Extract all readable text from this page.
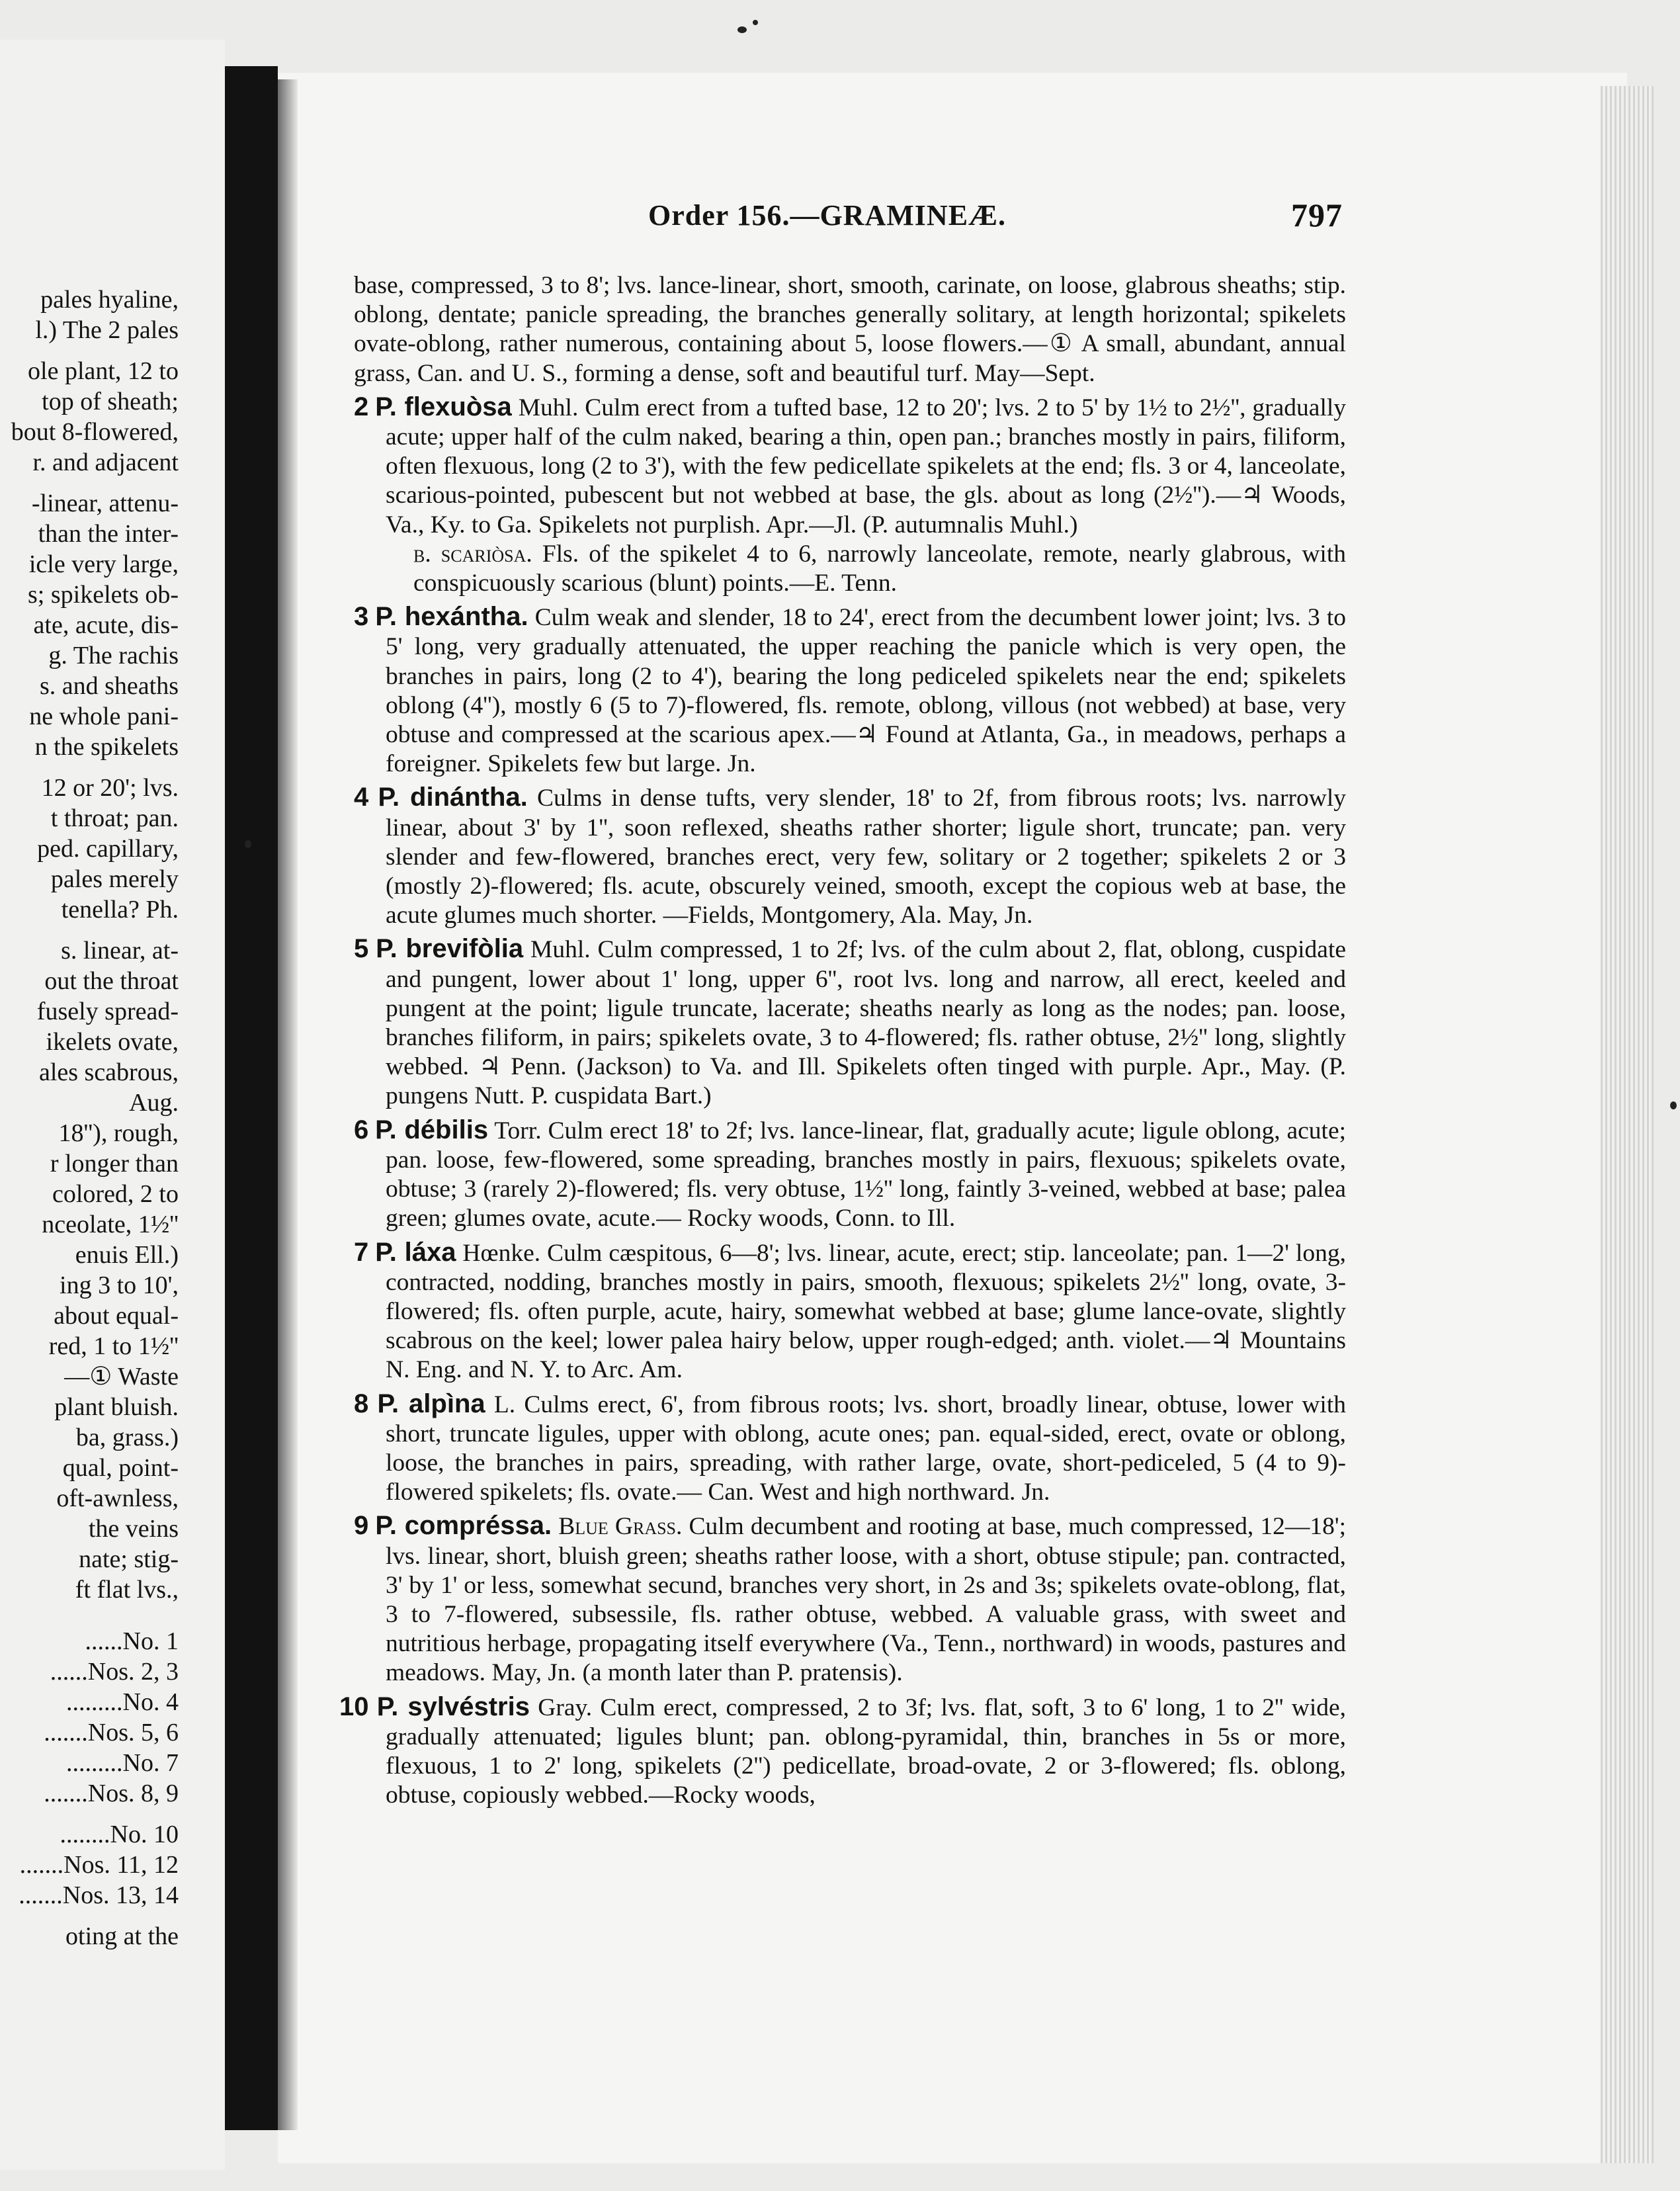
pales hyaline,
l.) The 2 pales
ole plant, 12 to
top of sheath;
bout 8-flowered,
r. and adjacent
-linear, attenu-
than the inter-
icle very large,
s; spikelets ob-
ate, acute, dis-
g. The rachis
s. and sheaths
ne whole pani-
n the spikelets
12 or 20'; lvs.
t throat; pan.
ped. capillary,
pales merely
tenella? Ph.
s. linear, at-
out the throat
fusely spread-
ikelets ovate,
ales scabrous,
Aug.
18''), rough,
r longer than
colored, 2 to
nceolate, 1½''
enuis Ell.)
ing 3 to 10',
about equal-
red, 1 to 1½''
—① Waste
plant bluish.
ba, grass.)
qual, point-
oft-awnless,
the veins
nate; stig-
ft flat lvs.,
......No. 1
......Nos. 2, 3
.........No. 4
.......Nos. 5, 6
.........No. 7
.......Nos. 8, 9
........No. 10
.......Nos. 11, 12
.......Nos. 13, 14
oting at the
Order 156.—GRAMINEÆ.	797

base, compressed, 3 to 8'; lvs. lance-linear, short, smooth, carinate, on loose, glabrous sheaths; stip. oblong, dentate; panicle spreading, the branches generally solitary, at length horizontal; spikelets ovate-oblong, rather numerous, containing about 5, loose flowers.—① A small, abundant, annual grass, Can. and U. S., forming a dense, soft and beautiful turf. May—Sept.

2 P. flexuòsa Muhl. Culm erect from a tufted base, 12 to 20'; lvs. 2 to 5' by 1½ to 2½'', gradually acute; upper half of the culm naked, bearing a thin, open pan.; branches mostly in pairs, filiform, often flexuous, long (2 to 3'), with the few pedicellate spikelets at the end; fls. 3 or 4, lanceolate, scarious-pointed, pubescent but not webbed at base, the gls. about as long (2½'').—♃ Woods, Va., Ky. to Ga. Spikelets not purplish. Apr.—Jl. (P. autumnalis Muhl.)

β. scariòsa. Fls. of the spikelet 4 to 6, narrowly lanceolate, remote, nearly glabrous, with conspicuously scarious (blunt) points.—E. Tenn.

3 P. hexántha. Culm weak and slender, 18 to 24', erect from the decumbent lower joint; lvs. 3 to 5' long, very gradually attenuated, the upper reaching the panicle which is very open, the branches in pairs, long (2 to 4'), bearing the long pediceled spikelets near the end; spikelets oblong (4''), mostly 6 (5 to 7)-flowered, fls. remote, oblong, villous (not webbed) at base, very obtuse and compressed at the scarious apex.—♃ Found at Atlanta, Ga., in meadows, perhaps a foreigner. Spikelets few but large. Jn.

4 P. dinántha. Culms in dense tufts, very slender, 18' to 2f, from fibrous roots; lvs. narrowly linear, about 3' by 1'', soon reflexed, sheaths rather shorter; ligule short, truncate; pan. very slender and few-flowered, branches erect, very few, solitary or 2 together; spikelets 2 or 3 (mostly 2)-flowered; fls. acute, obscurely veined, smooth, except the copious web at base, the acute glumes much shorter. —Fields, Montgomery, Ala. May, Jn.

5 P. brevifòlia Muhl. Culm compressed, 1 to 2f; lvs. of the culm about 2, flat, oblong, cuspidate and pungent, lower about 1' long, upper 6'', root lvs. long and narrow, all erect, keeled and pungent at the point; ligule truncate, lacerate; sheaths nearly as long as the nodes; pan. loose, branches filiform, in pairs; spikelets ovate, 3 to 4-flowered; fls. rather obtuse, 2½'' long, slightly webbed. ♃ Penn. (Jackson) to Va. and Ill. Spikelets often tinged with purple. Apr., May. (P. pungens Nutt. P. cuspidata Bart.)

6 P. débilis Torr. Culm erect 18' to 2f; lvs. lance-linear, flat, gradually acute; ligule oblong, acute; pan. loose, few-flowered, some spreading, branches mostly in pairs, flexuous; spikelets ovate, obtuse; 3 (rarely 2)-flowered; fls. very obtuse, 1½'' long, faintly 3-veined, webbed at base; palea green; glumes ovate, acute.— Rocky woods, Conn. to Ill.

7 P. láxa Hœnke. Culm cæspitous, 6—8'; lvs. linear, acute, erect; stip. lanceolate; pan. 1—2' long, contracted, nodding, branches mostly in pairs, smooth, flexuous; spikelets 2½'' long, ovate, 3-flowered; fls. often purple, acute, hairy, somewhat webbed at base; glume lance-ovate, slightly scabrous on the keel; lower palea hairy below, upper rough-edged; anth. violet.—♃ Mountains N. Eng. and N. Y. to Arc. Am.

8 P. alpìna L. Culms erect, 6', from fibrous roots; lvs. short, broadly linear, obtuse, lower with short, truncate ligules, upper with oblong, acute ones; pan. equal-sided, erect, ovate or oblong, loose, the branches in pairs, spreading, with rather large, ovate, short-pediceled, 5 (4 to 9)-flowered spikelets; fls. ovate.— Can. West and high northward. Jn.

9 P. compréssa. Blue Grass. Culm decumbent and rooting at base, much compressed, 12—18'; lvs. linear, short, bluish green; sheaths rather loose, with a short, obtuse stipule; pan. contracted, 3' by 1' or less, somewhat secund, branches very short, in 2s and 3s; spikelets ovate-oblong, flat, 3 to 7-flowered, subsessile, fls. rather obtuse, webbed. A valuable grass, with sweet and nutritious herbage, propagating itself everywhere (Va., Tenn., northward) in woods, pastures and meadows. May, Jn. (a month later than P. pratensis).

10 P. sylvéstris Gray. Culm erect, compressed, 2 to 3f; lvs. flat, soft, 3 to 6' long, 1 to 2'' wide, gradually attenuated; ligules blunt; pan. oblong-pyramidal, thin, branches in 5s or more, flexuous, 1 to 2' long, spikelets (2'') pedicellate, broad-ovate, 2 or 3-flowered; fls. oblong, obtuse, copiously webbed.—Rocky woods,
